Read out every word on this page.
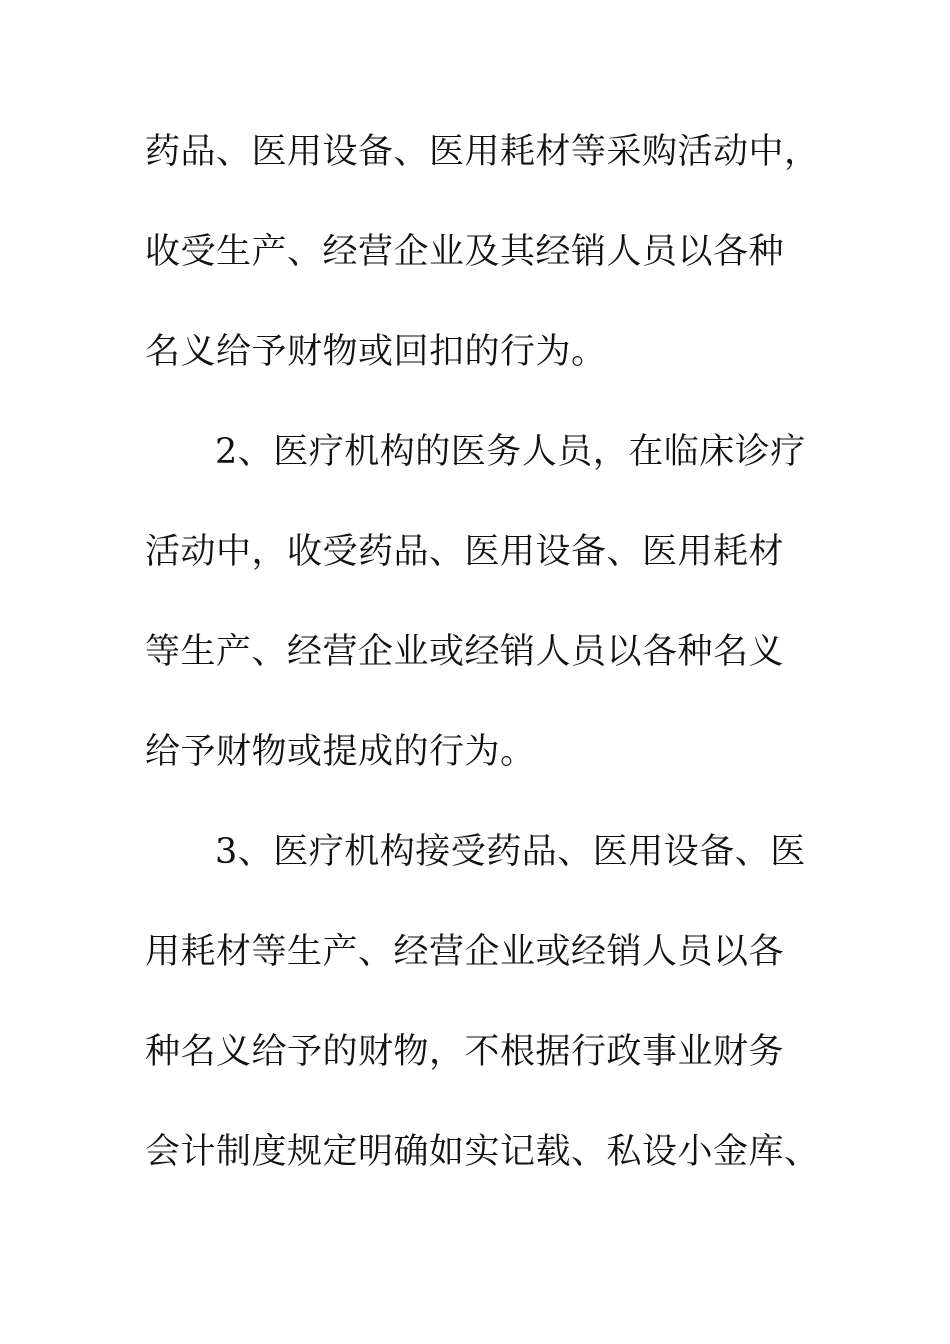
药品、医用设备、医用耗材等采购活动中，
收受生产、经营企业及其经销人员以各种
名义给予财物或回扣的行为。
2、医疗机构的医务人员，在临床诊疗
活动中，收受药品、医用设备、医用耗材
等生产、经营企业或经销人员以各种名义
给予财物或提成的行为。
3、医疗机构接受药品、医用设备、医
用耗材等生产、经营企业或经销人员以各
种名义给予的财物，不根据行政事业财务
会计制度规定明确如实记载、私设小金库、
